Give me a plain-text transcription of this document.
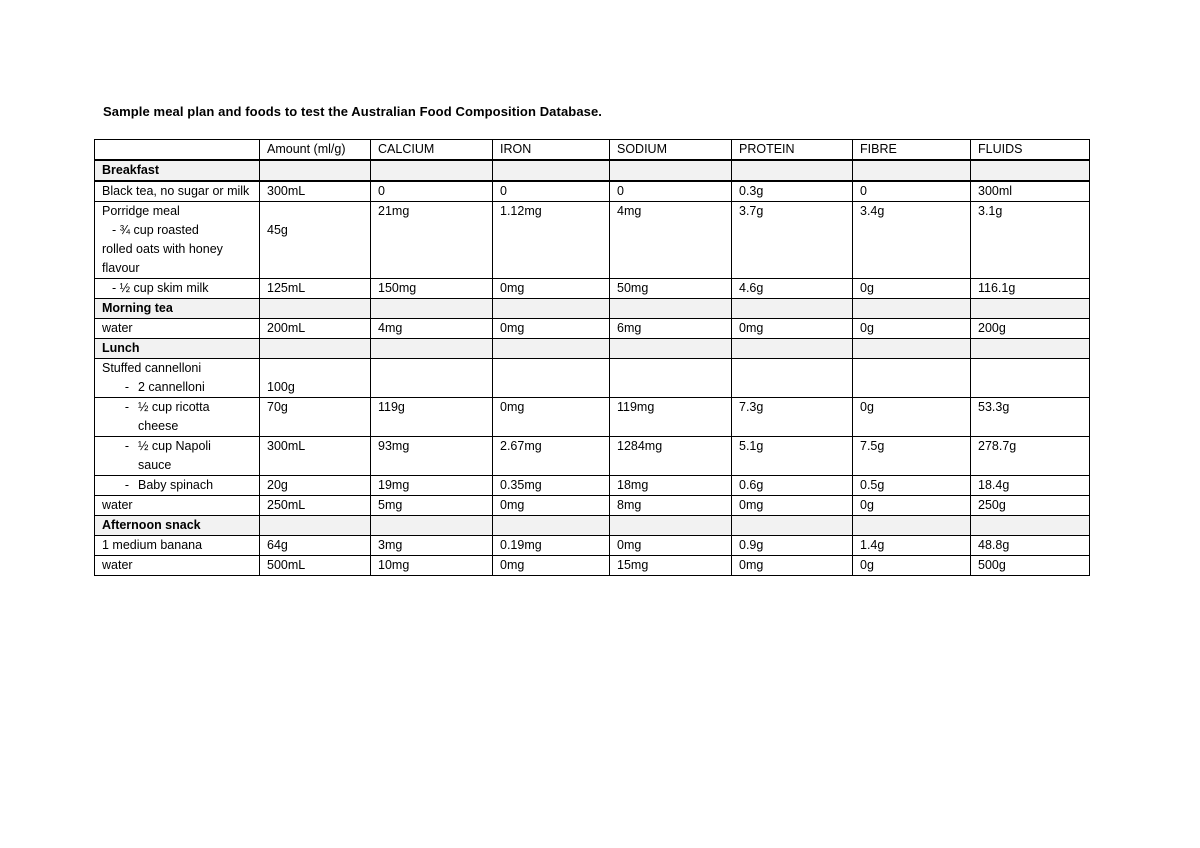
Sample meal plan and foods to test the Australian Food Composition Database.
	Amount (ml/g)	CALCIUM	IRON	SODIUM	PROTEIN	FIBRE	FLUIDS
Breakfast							
Black tea, no sugar or milk	300mL	0	0	0	0.3g	0	300ml

Porridge meal
- ¾ cup roasted
rolled oats with honey
flavour	45g	21mg	1.12mg	4mg	3.7g	3.4g	3.1g

- ½ cup skim milk	125mL	150mg	0mg	50mg	4.6g	0g	116.1g
Morning tea							
water	200mL	4mg	0mg	6mg	0mg	0g	200g
Lunch							

Stuffed cannelloni
- 2 cannelloni	100g						

- ½ cup ricotta
cheese	70g	119g	0mg	119mg	7.3g	0g	53.3g

- ½ cup Napoli
sauce	300mL	93mg	2.67mg	1284mg	5.1g	7.5g	278.7g

- Baby spinach	20g	19mg	0.35mg	18mg	0.6g	0.5g	18.4g
water	250mL	5mg	0mg	8mg	0mg	0g	250g
Afternoon snack							
1 medium banana	64g	3mg	0.19mg	0mg	0.9g	1.4g	48.8g
water	500mL	10mg	0mg	15mg	0mg	0g	500g
